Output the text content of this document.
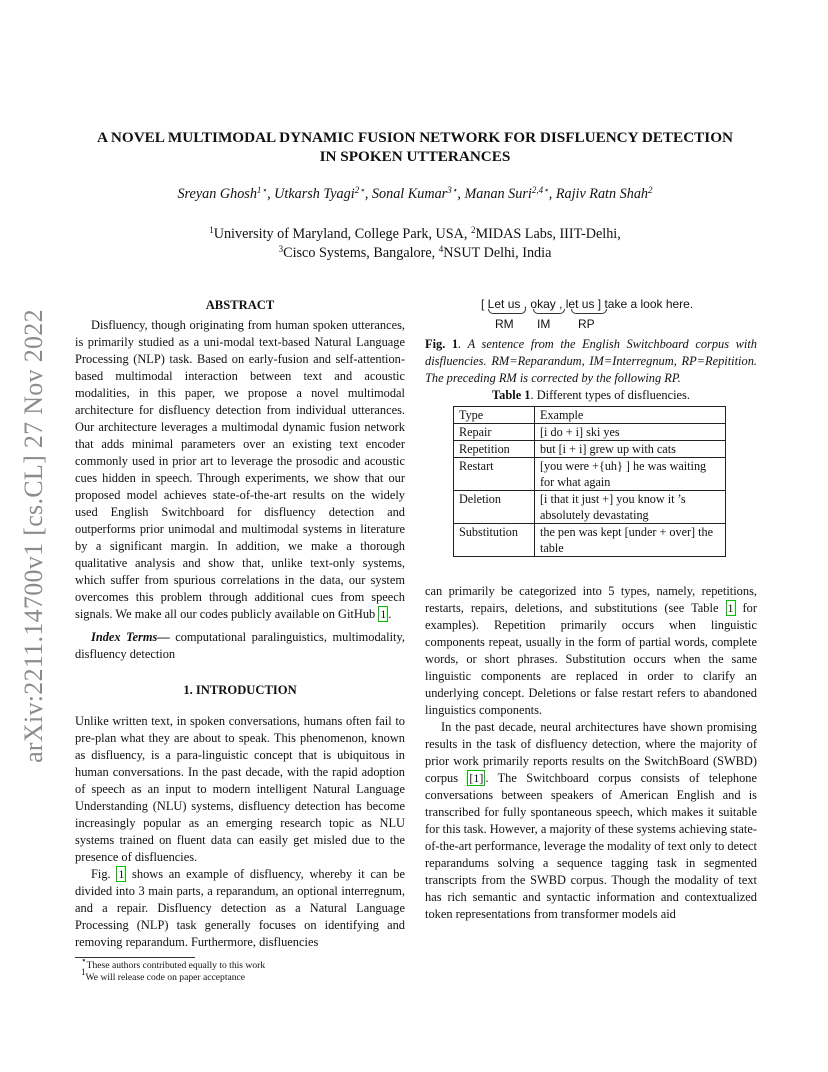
arXiv:2211.14700v1 [cs.CL] 27 Nov 2022
A NOVEL MULTIMODAL DYNAMIC FUSION NETWORK FOR DISFLUENCY DETECTION
IN SPOKEN UTTERANCES
Sreyan Ghosh$^{1⋆}$, Utkarsh Tyagi$^{2⋆}$, Sonal Kumar$^{3⋆}$, Manan Suri$^{2,4⋆}$, Rajiv Ratn Shah$^2$
$^1$University of Maryland, College Park, USA, $^2$MIDAS Labs, IIIT-Delhi,
$^3$Cisco Systems, Bangalore, $^4$NSUT Delhi, India

ABSTRACT

Disfluency, though originating from human spoken utterances, is primarily studied as a uni-modal text-based Natural Language Processing (NLP) task. Based on early-fusion and self-attention-based multimodal interaction between text and acoustic modalities, in this paper, we propose a novel multimodal architecture for disfluency detection from individual utterances. Our architecture leverages a multimodal dynamic fusion network that adds minimal parameters over an existing text encoder commonly used in prior art to leverage the prosodic and acoustic cues hidden in speech. Through experiments, we show that our proposed model achieves state-of-the-art results on the widely used English Switchboard for disfluency detection and outperforms prior unimodal and multimodal systems in literature by a significant margin. In addition, we make a thorough qualitative analysis and show that, unlike text-only systems, which suffer from spurious correlations in the data, our system overcomes this problem through additional cues from speech signals. We make all our codes publicly available on GitHub 1 .

Index Terms— computational paralinguistics, multimodality, disfluency detection

1. INTRODUCTION

Unlike written text, in spoken conversations, humans often fail to pre-plan what they are about to speak. This phenomenon, known as disfluency, is a para-linguistic concept that is ubiquitous in human conversations. In the past decade, with the rapid adoption of speech as an input to modern intelligent Natural Language Understanding (NLU) systems, disfluency detection has become increasingly popular as an emerging research topic as NLU systems trained on fluent data can easily get misled due to the presence of disfluencies.

Fig. 1 shows an example of disfluency, whereby it can be divided into 3 main parts, a reparandum, an optional interregnum, and a repair. Disfluency detection as a Natural Language Processing (NLP) task generally focuses on identifying and removing reparandum. Furthermore, disfluencies

⋆These authors contributed equally to this work
$^1$We will release code on paper acceptance
[ Let us , okay , let us ] take a look here.
RM IM RP

Fig. 1. A sentence from the English Switchboard corpus with disfluencies. RM=Reparandum, IM=Interregnum, RP=Repitition. The preceding RM is corrected by the following RP.

Table 1. Different types of disfluencies.

Type	Example
Repair	[i do + i] ski yes
Repetition	but [i + i] grew up with cats
Restart	[you were +{uh} ] he was waiting for what again
Deletion	[i that it just +] you know it ’s absolutely devastating
Substitution	the pen was kept [under + over] the table

can primarily be categorized into 5 types, namely, repetitions, restarts, repairs, deletions, and substitutions (see Table 1 for examples). Repetition primarily occurs when linguistic components repeat, usually in the form of partial words, complete words, or short phrases. Substitution occurs when the same linguistic components are replaced in order to clarify an underlying concept. Deletions or false restart refers to abandoned linguistics components.

In the past decade, neural architectures have shown promising results in the task of disfluency detection, where the majority of prior work primarily reports results on the SwitchBoard (SWBD) corpus [1] . The Switchboard corpus consists of telephone conversations between speakers of American English and is transcribed for fully spontaneous speech, which makes it suitable for this task. However, a majority of these systems achieving state-of-the-art performance, leverage the modality of text only to detect reparandums solving a sequence tagging task in segmented transcripts from the SWBD corpus. Though the modality of text has rich semantic and syntactic information and contextualized token representations from transformer models aid
